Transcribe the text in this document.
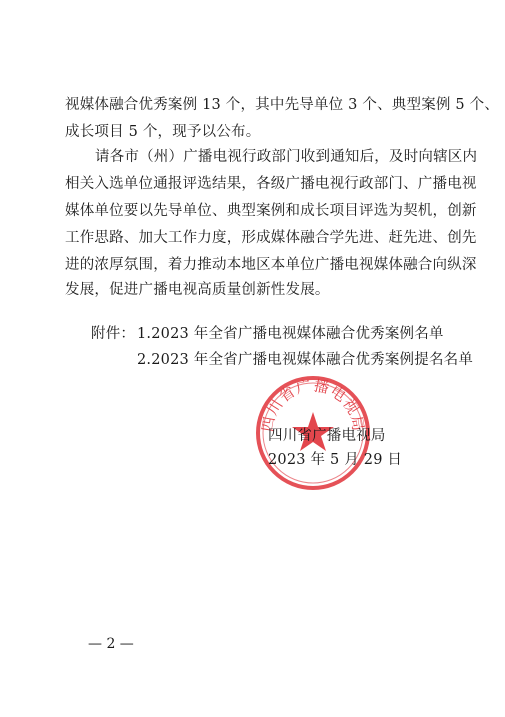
视媒体融合优秀案例 13 个，其中先导单位 3 个、典型案例 5 个、
成长项目 5 个，现予以公布。
请各市（州）广播电视行政部门收到通知后，及时向辖区内
相关入选单位通报评选结果，各级广播电视行政部门、广播电视
媒体单位要以先导单位、典型案例和成长项目评选为契机，创新
工作思路、加大工作力度，形成媒体融合学先进、赶先进、创先
进的浓厚氛围，着力推动本地区本单位广播电视媒体融合向纵深
发展，促进广播电视高质量创新性发展。
附件： 1.2023 年全省广播电视媒体融合优秀案例名单
2.2023 年全省广播电视媒体融合优秀案例提名名单
四川省广播电视局
四川省广播电视局
2023 年 5 月 29 日
— 2 —
